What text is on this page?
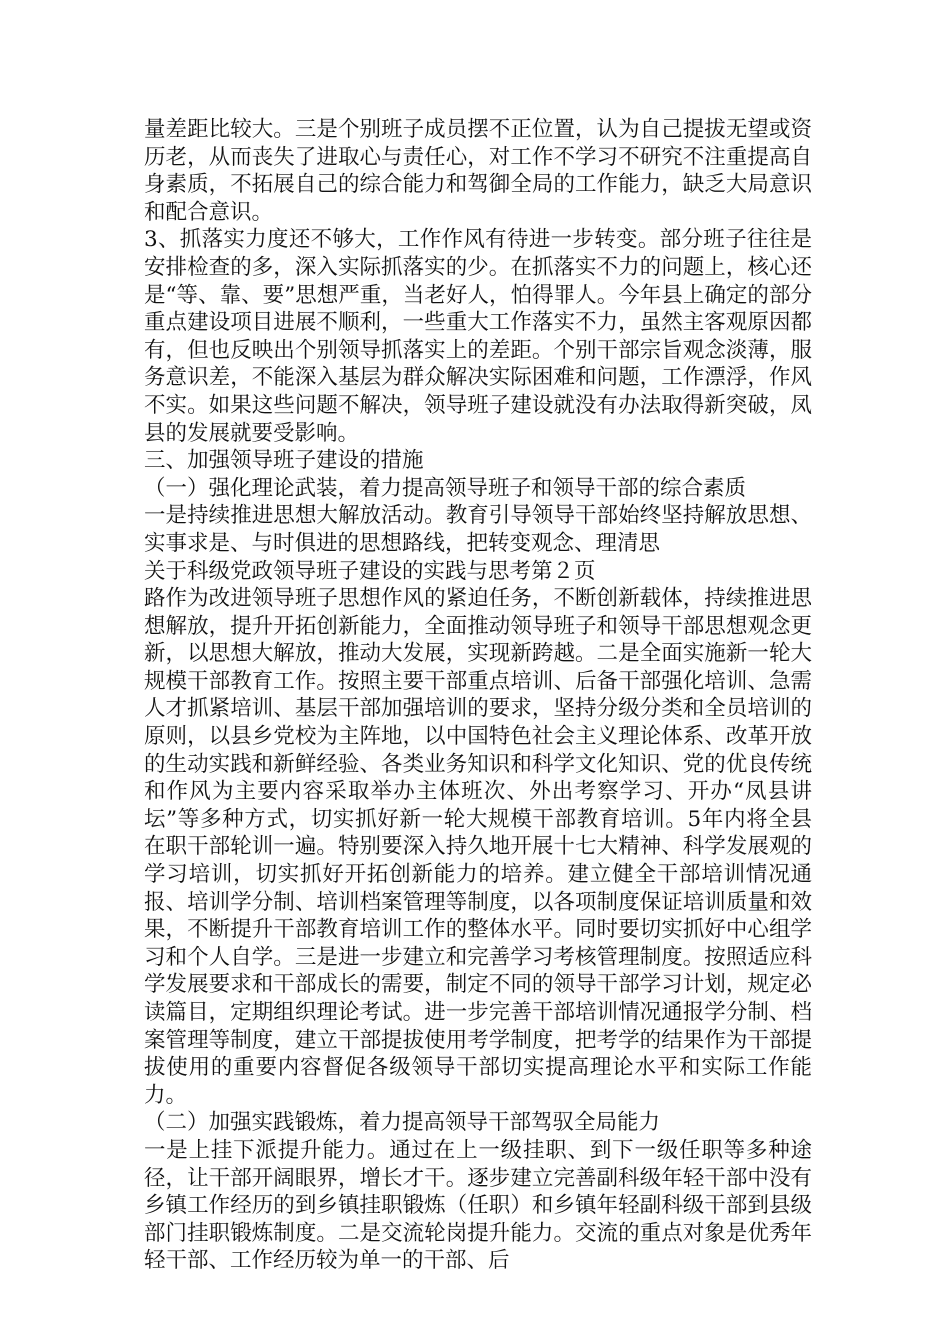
量差距比较大。三是个别班子成员摆不正位置，认为自己提拔无望或资历老，从而丧失了进取心与责任心，对工作不学习不研究不注重提高自身素质，不拓展自己的综合能力和驾御全局的工作能力，缺乏大局意识和配合意识。

3、抓落实力度还不够大，工作作风有待进一步转变。部分班子往往是安排检查的多，深入实际抓落实的少。在抓落实不力的问题上，核心还是“等、靠、要”思想严重，当老好人，怕得罪人。今年县上确定的部分重点建设项目进展不顺利，一些重大工作落实不力，虽然主客观原因都有，但也反映出个别领导抓落实上的差距。个别干部宗旨观念淡薄，服务意识差，不能深入基层为群众解决实际困难和问题，工作漂浮，作风不实。如果这些问题不解决，领导班子建设就没有办法取得新突破，凤县的发展就要受影响。

三、加强领导班子建设的措施

（一）强化理论武装，着力提高领导班子和领导干部的综合素质

一是持续推进思想大解放活动。教育引导领导干部始终坚持解放思想、实事求是、与时俱进的思想路线，把转变观念、理清思

关于科级党政领导班子建设的实践与思考第２页

路作为改进领导班子思想作风的紧迫任务，不断创新载体，持续推进思想解放，提升开拓创新能力，全面推动领导班子和领导干部思想观念更新，以思想大解放，推动大发展，实现新跨越。二是全面实施新一轮大规模干部教育工作。按照主要干部重点培训、后备干部强化培训、急需人才抓紧培训、基层干部加强培训的要求，坚持分级分类和全员培训的原则，以县乡党校为主阵地，以中国特色社会主义理论体系、改革开放的生动实践和新鲜经验、各类业务知识和科学文化知识、党的优良传统和作风为主要内容采取举办主体班次、外出考察学习、开办“凤县讲坛”等多种方式，切实抓好新一轮大规模干部教育培训。5年内将全县在职干部轮训一遍。特别要深入持久地开展十七大精神、科学发展观的学习培训，切实抓好开拓创新能力的培养。建立健全干部培训情况通报、培训学分制、培训档案管理等制度，以各项制度保证培训质量和效果，不断提升干部教育培训工作的整体水平。同时要切实抓好中心组学习和个人自学。三是进一步建立和完善学习考核管理制度。按照适应科学发展要求和干部成长的需要，制定不同的领导干部学习计划，规定必读篇目，定期组织理论考试。进一步完善干部培训情况通报学分制、档案管理等制度，建立干部提拔使用考学制度，把考学的结果作为干部提拔使用的重要内容督促各级领导干部切实提高理论水平和实际工作能力。

（二）加强实践锻炼，着力提高领导干部驾驭全局能力

一是上挂下派提升能力。通过在上一级挂职、到下一级任职等多种途径，让干部开阔眼界，增长才干。逐步建立完善副科级年轻干部中没有乡镇工作经历的到乡镇挂职锻炼（任职）和乡镇年轻副科级干部到县级部门挂职锻炼制度。二是交流轮岗提升能力。交流的重点对象是优秀年轻干部、工作经历较为单一的干部、后
